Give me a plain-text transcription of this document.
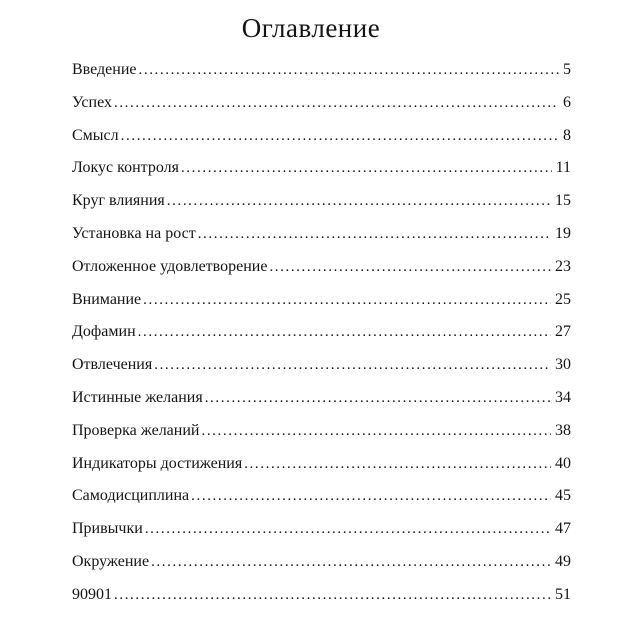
Оглавление
Введение .....	5
Успех .....	6
Смысл .....	8
Локус контроля .....	11
Круг влияния .....	15
Установка на рост .....	19
Отложенное удовлетворение .....	23
Внимание .....	25
Дофамин .....	27
Отвлечения .....	30
Истинные желания .....	34
Проверка желаний .....	38
Индикаторы достижения .....	40
Самодисциплина .....	45
Привычки .....	47
Окружение .....	49
90901 .....	51
